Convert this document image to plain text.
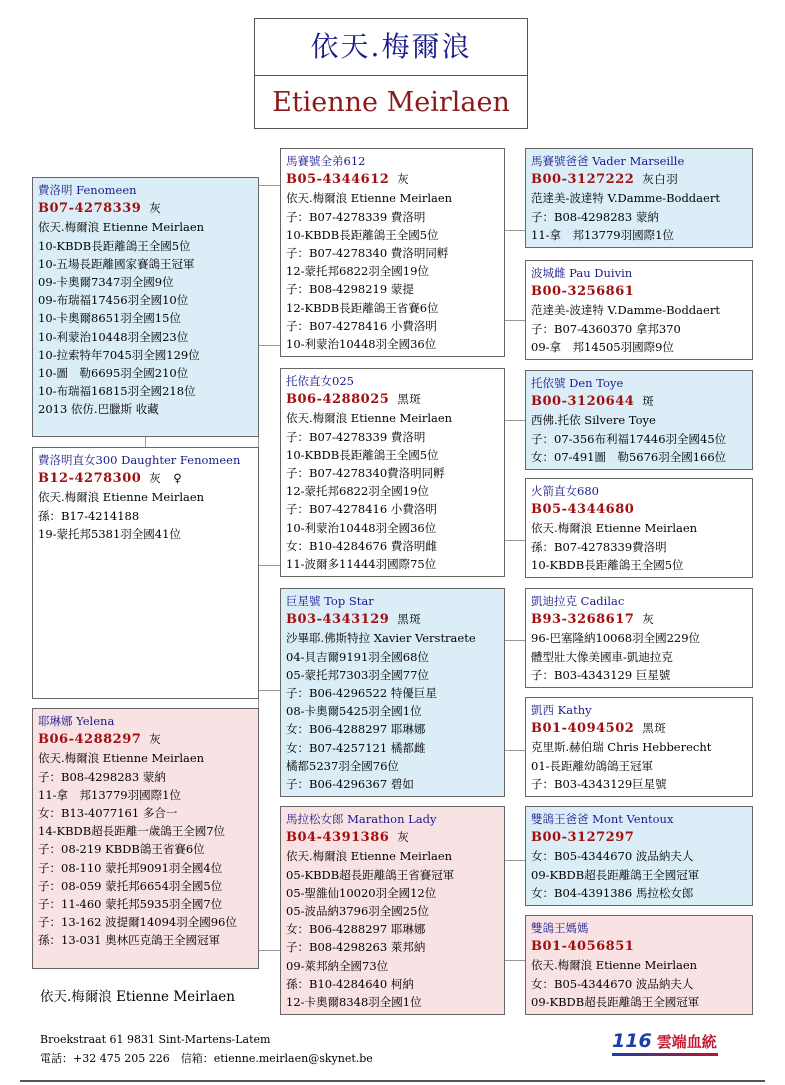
依天.梅爾浪
Etienne Meirlaen
費洛明 Fenomeen
B07-4278339 灰
依天.梅爾浪 Etienne Meirlaen
10-KBDB長距離鴿王全國5位
10-五場長距離國家賽鴿王冠軍
09-卡奧爾7347羽全國9位
09-布瑞福17456羽全國10位
10-卡奧爾8651羽全國15位
10-利蒙治10448羽全國23位
10-拉索特年7045羽全國129位
10-圖　勒6695羽全國210位
10-布瑞福16815羽全國218位
2013 依仿.巴臘斯 收藏
費洛明直女300 Daughter Fenomeen
B12-4278300 灰　♀
依天.梅爾浪 Etienne Meirlaen
孫：B17-4214188
19-蒙托邦5381羽全國41位
耶琳娜 Yelena
B06-4288297 灰
依天.梅爾浪 Etienne Meirlaen
子：B08-4298283 蒙納
11-拿　邦13779羽國際1位
女：B13-4077161 多合一
14-KBDB超長距離一歲鴿王全國7位
子：08-219 KBDB鴿王省賽6位
子：08-110 蒙托邦9091羽全國4位
子：08-059 蒙托邦6654羽全國5位
子：11-460 蒙托邦5935羽全國7位
子：13-162 波提爾14094羽全國96位
孫：13-031 奧林匹克鴿王全國冠軍
馬賽號全弟612
B05-4344612 灰
依天.梅爾浪 Etienne Meirlaen
子：B07-4278339 費洛明
10-KBDB長距離鴿王全國5位
子：B07-4278340 費洛明同孵
12-蒙托邦6822羽全國19位
子：B08-4298219 蒙提
12-KBDB長距離鴿王省賽6位
子：B07-4278416 小費洛明
10-利蒙治10448羽全國36位
托依直女025
B06-4288025 黑斑
依天.梅爾浪 Etienne Meirlaen
子：B07-4278339 費洛明
10-KBDB長距離鴿王全國5位
子：B07-4278340費洛明同孵
12-蒙托邦6822羽全國19位
子：B07-4278416 小費洛明
10-利蒙治10448羽全國36位
女：B10-4284676 費洛明雌
11-波爾多11444羽國際75位
巨星號 Top Star
B03-4343129 黑斑
沙畢耶.佛斯特拉 Xavier Verstraete
04-貝吉爾9191羽全國68位
05-蒙托邦7303羽全國77位
子：B06-4296522 特優巨星
08-卡奧爾5425羽全國1位
女：B06-4288297 耶琳娜
女：B07-4257121 橘都雌
橘都5237羽全國76位
子：B06-4296367 碧如
馬拉松女郎 Marathon Lady
B04-4391386 灰
依天.梅爾浪 Etienne Meirlaen
05-KBDB超長距離鴿王省賽冠軍
05-聖雒仙10020羽全國12位
05-波品納3796羽全國25位
女：B06-4288297 耶琳娜
子：B08-4298263 萊邦納
09-萊邦納全國73位
孫：B10-4284640 柯納
12-卡奧爾8348羽全國1位
馬賽號爸爸 Vader Marseille
B00-3127222 灰白羽
范達美-波達特 V.Damme-Boddaert
子：B08-4298283 蒙納
11-拿　邦13779羽國際1位
波城雌 Pau Duivin
B00-3256861
范達美-波達特 V.Damme-Boddaert
子：B07-4360370 拿邦370
09-拿　邦14505羽國際9位
托依號 Den Toye
B00-3120644 斑
西佛.托依 Silvere Toye
子：07-356布利福17446羽全國45位
女：07-491圖　勒5676羽全國166位
火箭直女680
B05-4344680
依天.梅爾浪 Etienne Meirlaen
孫：B07-4278339費洛明
10-KBDB長距離鴿王全國5位
凱迪拉克 Cadilac
B93-3268617 灰
96-巴塞隆納10068羽全國229位
體型壯大像美國車-凱迪拉克
子：B03-4343129 巨星號
凱西 Kathy
B01-4094502 黑斑
克里斯.赫伯瑞 Chris Hebberecht
01-長距離幼鴿鴿王冠軍
子：B03-4343129巨星號
雙鴿王爸爸 Mont Ventoux
B00-3127297
女：B05-4344670 波品納夫人
09-KBDB超長距離鴿王全國冠軍
女：B04-4391386 馬拉松女郎
雙鴿王媽媽
B01-4056851
依天.梅爾浪 Etienne Meirlaen
女：B05-4344670 波品納夫人
09-KBDB超長距離鴿王全國冠軍
依天.梅爾浪 Etienne Meirlaen
Broekstraat 61 9831 Sint-Martens-Latem
電話：+32 475 205 226　信箱：etienne.meirlaen@skynet.be
116 雲端血統
